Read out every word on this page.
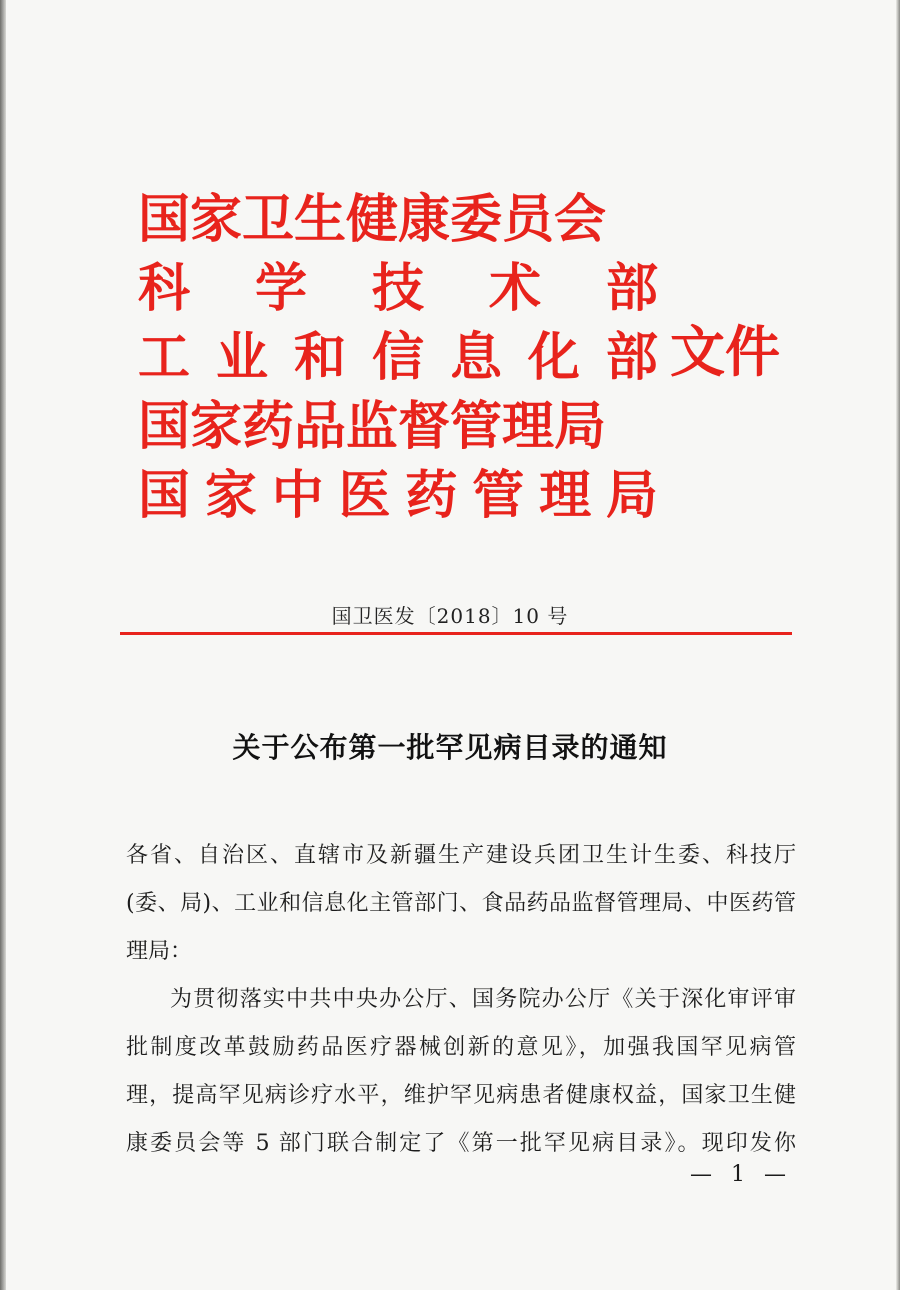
国家卫生健康委员会
科 学 技 术 部
工 业 和 信 息 化 部
国家药品监督管理局
国 家 中 医 药 管 理 局
文件
国卫医发〔2018〕10 号
关于公布第一批罕见病目录的通知
各省、自治区、直辖市及新疆生产建设兵团卫生计生委、科技厅
(委、局)、工业和信息化主管部门、食品药品监督管理局、中医药管
理局：
为贯彻落实中共中央办公厅、国务院办公厅《关于深化审评审
批制度改革鼓励药品医疗器械创新的意见》，加强我国罕见病管
理，提高罕见病诊疗水平，维护罕见病患者健康权益，国家卫生健
康委员会等 5 部门联合制定了《第一批罕见病目录》。现印发你
— 1 —
